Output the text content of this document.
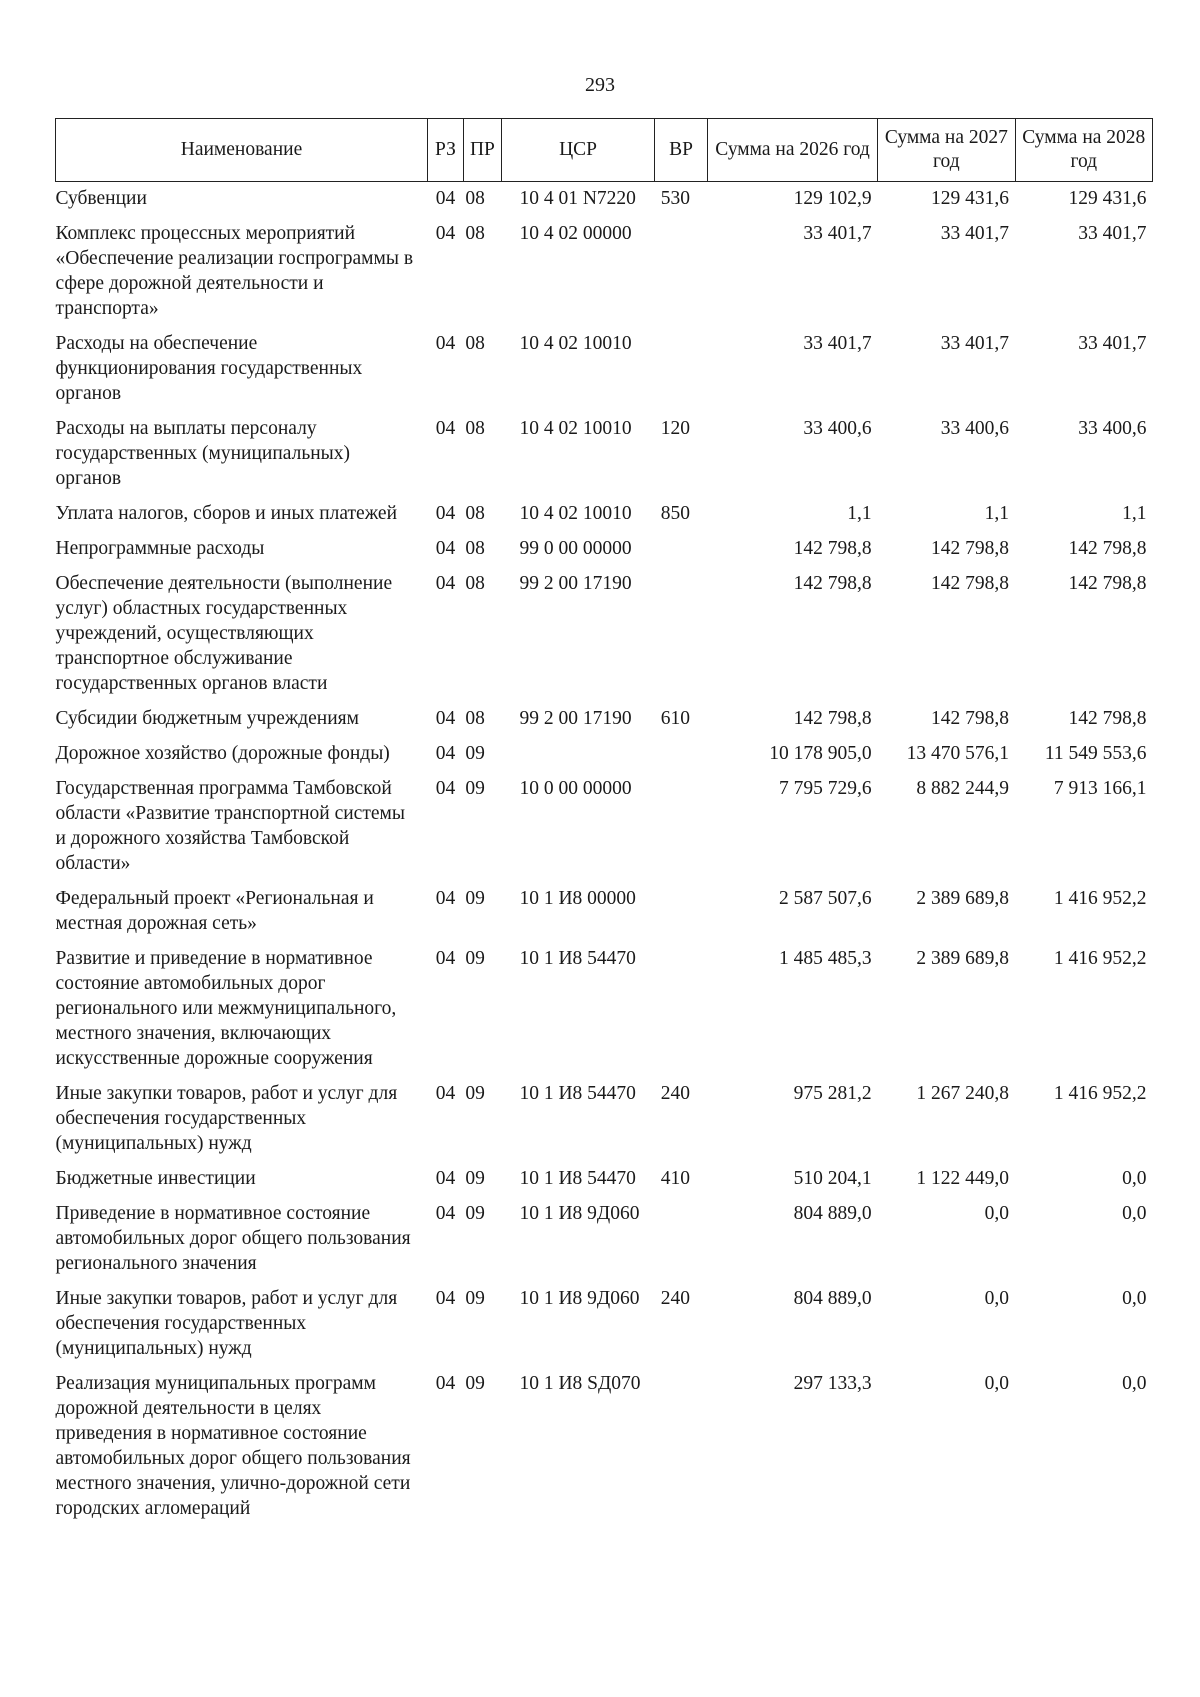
293
Наименование	РЗ	ПР	ЦСР	ВР	Сумма на 2026 год	Сумма на 2027 год	Сумма на 2028 год
Субвенции	04	08	10 4 01 N7220	530	129 102,9	129 431,6	129 431,6
Комплекс процессных мероприятий «Обеспечение реализации госпрограммы в сфере дорожной деятельности и транспорта»	04	08	10 4 02 00000		33 401,7	33 401,7	33 401,7
Расходы на обеспечение функционирования государственных органов	04	08	10 4 02 10010		33 401,7	33 401,7	33 401,7
Расходы на выплаты персоналу государственных (муниципальных) органов	04	08	10 4 02 10010	120	33 400,6	33 400,6	33 400,6
Уплата налогов, сборов и иных платежей	04	08	10 4 02 10010	850	1,1	1,1	1,1
Непрограммные расходы	04	08	99 0 00 00000		142 798,8	142 798,8	142 798,8
Обеспечение деятельности (выполнение услуг) областных государственных учреждений, осуществляющих транспортное обслуживание государственных органов власти	04	08	99 2 00 17190		142 798,8	142 798,8	142 798,8
Субсидии бюджетным учреждениям	04	08	99 2 00 17190	610	142 798,8	142 798,8	142 798,8
Дорожное хозяйство (дорожные фонды)	04	09			10 178 905,0	13 470 576,1	11 549 553,6
Государственная программа Тамбовской области «Развитие транспортной системы и дорожного хозяйства Тамбовской области»	04	09	10 0 00 00000		7 795 729,6	8 882 244,9	7 913 166,1
Федеральный проект «Региональная и местная дорожная сеть»	04	09	10 1 И8 00000		2 587 507,6	2 389 689,8	1 416 952,2
Развитие и приведение в нормативное состояние автомобильных дорог регионального или межмуниципального, местного значения, включающих искусственные дорожные сооружения	04	09	10 1 И8 54470		1 485 485,3	2 389 689,8	1 416 952,2
Иные закупки товаров, работ и услуг для обеспечения государственных (муниципальных) нужд	04	09	10 1 И8 54470	240	975 281,2	1 267 240,8	1 416 952,2
Бюджетные инвестиции	04	09	10 1 И8 54470	410	510 204,1	1 122 449,0	0,0
Приведение в нормативное состояние автомобильных дорог общего пользования регионального значения	04	09	10 1 И8 9Д060		804 889,0	0,0	0,0
Иные закупки товаров, работ и услуг для обеспечения государственных (муниципальных) нужд	04	09	10 1 И8 9Д060	240	804 889,0	0,0	0,0
Реализация муниципальных программ дорожной деятельности в целях приведения в нормативное состояние автомобильных дорог общего пользования местного значения, улично-дорожной сети городских агломераций	04	09	10 1 И8 SД070		297 133,3	0,0	0,0
